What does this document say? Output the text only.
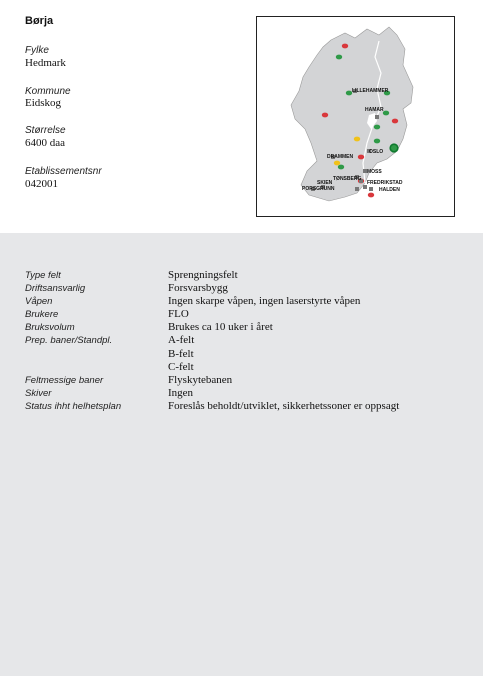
Børja
Fylke
Hedmark
Kommune
Eidskog
Størrelse
6400 daa
Etablissementsnr
042001
LILLEHAMMER
HAMAR
OSLO
DRAMMEN
MOSS
TØNSBERG
FREDRIKSTAD
SKIEN
PORSGRUNN	HALDEN
Type felt	Sprengningsfelt
Driftsansvarlig	Forsvarsbygg
Våpen	Ingen skarpe våpen, ingen laserstyrte våpen
Brukere	FLO
Bruksvolum	Brukes ca 10 uker i året
Prep. baner/Standpl.	A-felt
	B-felt
	C-felt
Feltmessige baner	Flyskytebanen
Skiver	Ingen
Status ihht helhetsplan	Foreslås beholdt/utviklet, sikkerhetssoner er oppsagt
